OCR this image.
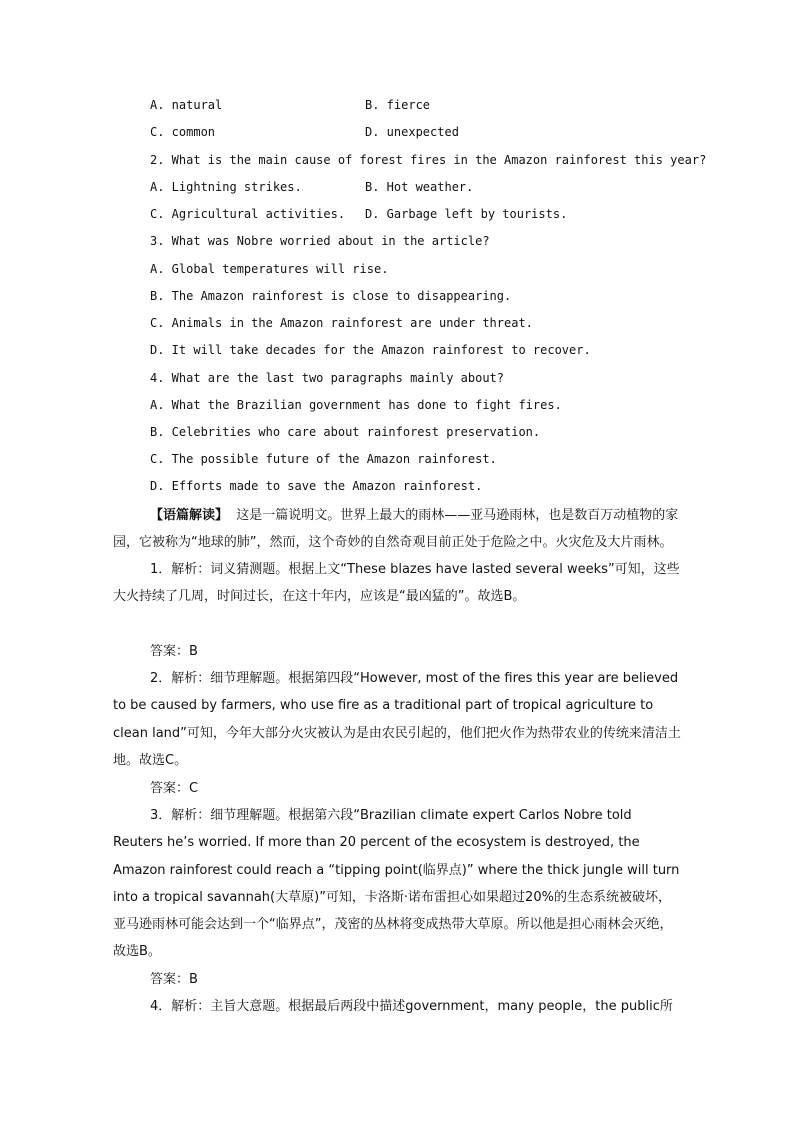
A. natural	B. fierce
C. common	D. unexpected
2. What is the main cause of forest fires in the Amazon rainforest this year?
A. Lightning strikes.	B. Hot weather.
C. Agricultural activities. D. Garbage left by tourists.
3. What was Nobre worried about in the article?
A. Global temperatures will rise.
B. The Amazon rainforest is close to disappearing.
C. Animals in the Amazon rainforest are under threat.
D. It will take decades for the Amazon rainforest to recover.
4. What are the last two paragraphs mainly about?
A. What the Brazilian government has done to fight fires.
B. Celebrities who care about rainforest preservation.
C. The possible future of the Amazon rainforest.
D. Efforts made to save the Amazon rainforest.
【语篇解读】 这是一篇说明文。世界上最大的雨林——亚马逊雨林，也是数百万动植物的家园，它被称为“地球的肺”，然而，这个奇妙的自然奇观目前正处于危险之中。火灾危及大片雨林。
1．解析：词义猜测题。根据上文“These blazes have lasted several weeks”可知，这些大火持续了几周，时间过长，在这十年内，应该是“最凶猛的”。故选B。
答案：B
2．解析：细节理解题。根据第四段“However, most of the fires this year are believed to be caused by farmers, who use fire as a traditional part of tropical agriculture to clean land”可知，今年大部分火灾被认为是由农民引起的，他们把火作为热带农业的传统来清洁土地。故选C。
答案：C
3．解析：细节理解题。根据第六段“Brazilian climate expert Carlos Nobre told Reuters he’s worried. If more than 20 percent of the ecosystem is destroyed, the Amazon rainforest could reach a “tipping point(临界点)” where the thick jungle will turn into a tropical savannah(大草原)”可知，卡洛斯·诺布雷担心如果超过20%的生态系统被破坏，亚马逊雨林可能会达到一个“临界点”，茂密的丛林将变成热带大草原。所以他是担心雨林会灭绝，故选B。
答案：B
4．解析：主旨大意题。根据最后两段中描述government，many people，the public所
